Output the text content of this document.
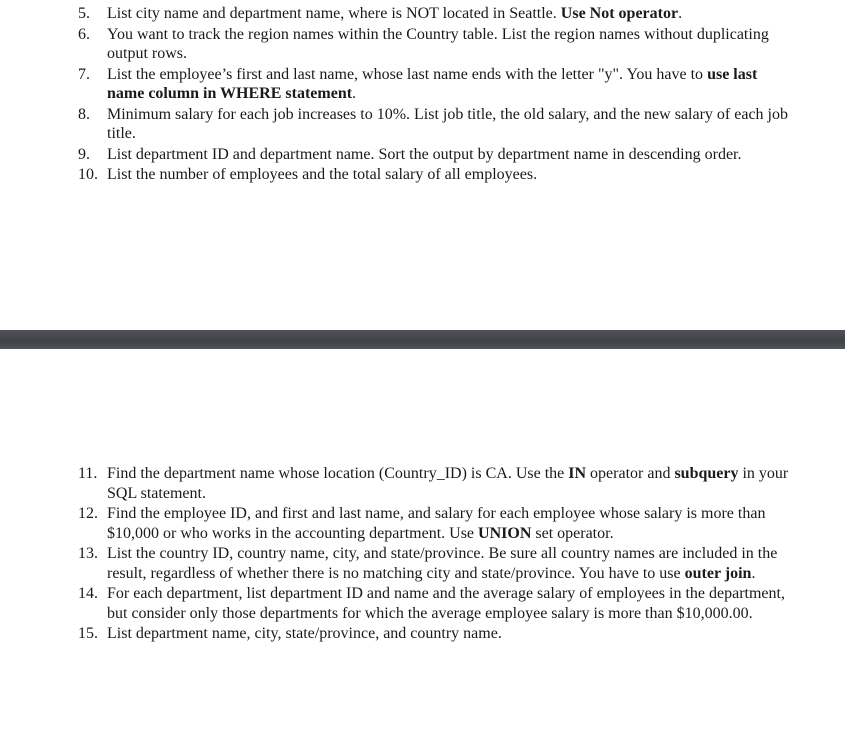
5. List city name and department name, where is NOT located in Seattle. Use Not operator.
6. You want to track the region names within the Country table. List the region names without duplicating output rows.
7. List the employee’s first and last name, whose last name ends with the letter "y". You have to use last name column in WHERE statement.
8. Minimum salary for each job increases to 10%. List job title, the old salary, and the new salary of each job title.
9. List department ID and department name. Sort the output by department name in descending order.
10. List the number of employees and the total salary of all employees.
11. Find the department name whose location (Country_ID) is CA. Use the IN operator and subquery in your SQL statement.
12. Find the employee ID, and first and last name, and salary for each employee whose salary is more than $10,000 or who works in the accounting department. Use UNION set operator.
13. List the country ID, country name, city, and state/province. Be sure all country names are included in the result, regardless of whether there is no matching city and state/province. You have to use outer join.
14. For each department, list department ID and name and the average salary of employees in the department, but consider only those departments for which the average employee salary is more than $10,000.00.
15. List department name, city, state/province, and country name.
